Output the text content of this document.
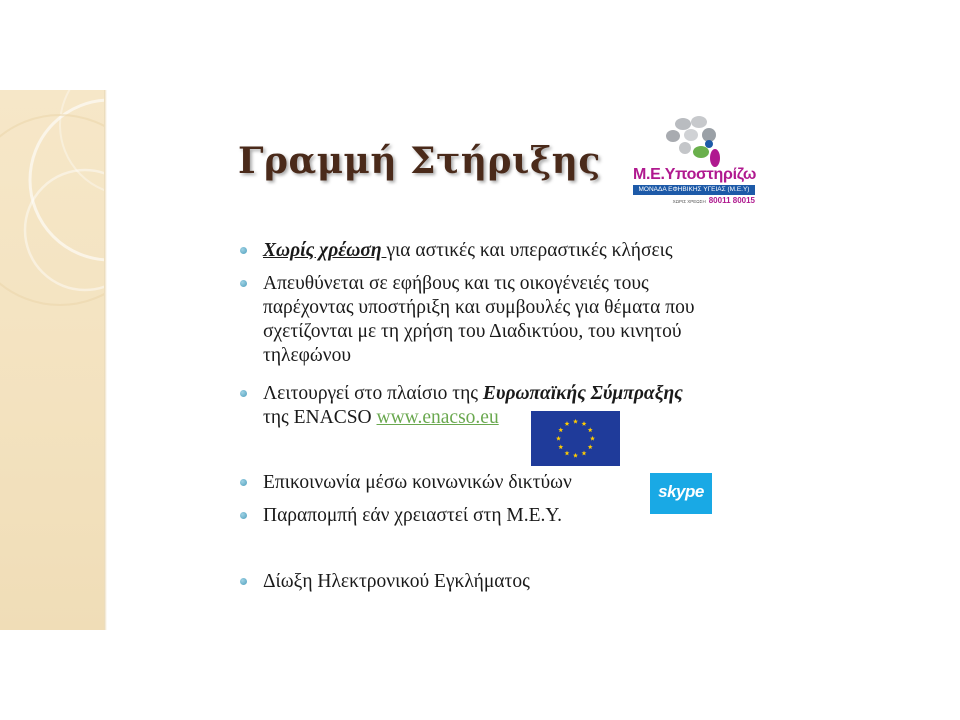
Γραμμή Στήριξης Μ.Ε.Υποστηρίζω
ΜΟΝΑΔΑ ΕΦΗΒΙΚΗΣ ΥΓΕΙΑΣ (Μ.Ε.Υ)
ΧΩΡΙΣ ΧΡΕΩΣΗ 80011 80015
Χωρίς χρέωση για αστικές και υπεραστικές κλήσεις
Απευθύνεται σε εφήβους και τις οικογένειές τους
παρέχοντας υποστήριξη και συμβουλές για θέματα που
σχετίζονται με τη χρήση του Διαδικτύου, του κινητού
τηλεφώνου
Λειτουργεί στο πλαίσιο της Ευρωπαϊκής Σύμπραξης
της ENACSO www.enacso.eu
Επικοινωνία μέσω κοινωνικών δικτύων	skype
Παραπομπή εάν χρειαστεί στη Μ.Ε.Υ.
Δίωξη Ηλεκτρονικού Εγκλήματος
